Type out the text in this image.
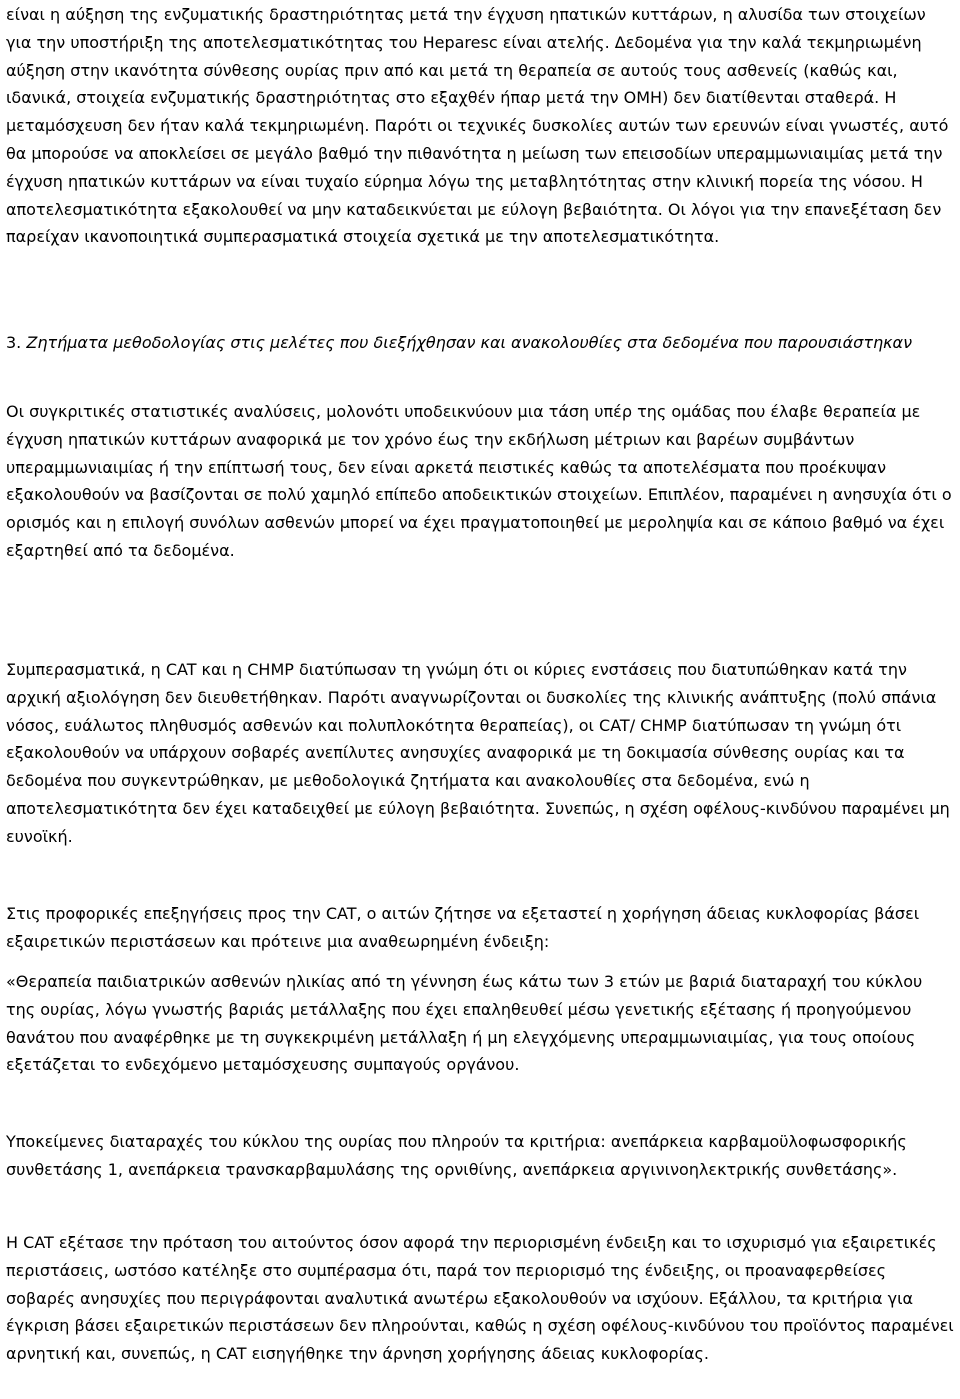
είναι η αύξηση της ενζυματικής δραστηριότητας μετά την έγχυση ηπατικών κυττάρων, η αλυσίδα των στοιχείων για την υποστήριξη της αποτελεσματικότητας του Heparesc είναι ατελής. Δεδομένα για την καλά τεκμηριωμένη αύξηση στην ικανότητα σύνθεσης ουρίας πριν από και μετά τη θεραπεία σε αυτούς τους ασθενείς (καθώς και, ιδανικά, στοιχεία ενζυματικής δραστηριότητας στο εξαχθέν ήπαρ μετά την ΟΜΗ) δεν διατίθενται σταθερά. Η μεταμόσχευση δεν ήταν καλά τεκμηριωμένη. Παρότι οι τεχνικές δυσκολίες αυτών των ερευνών είναι γνωστές, αυτό θα μπορούσε να αποκλείσει σε μεγάλο βαθμό την πιθανότητα η μείωση των επεισοδίων υπεραμμωνιαιμίας μετά την έγχυση ηπατικών κυττάρων να είναι τυχαίο εύρημα λόγω της μεταβλητότητας στην κλινική πορεία της νόσου. Η αποτελεσματικότητα εξακολουθεί να μην καταδεικνύεται με εύλογη βεβαιότητα. Οι λόγοι για την επανεξέταση δεν παρείχαν ικανοποιητικά συμπερασματικά στοιχεία σχετικά με την αποτελεσματικότητα.

3. Ζητήματα μεθοδολογίας στις μελέτες που διεξήχθησαν και ανακολουθίες στα δεδομένα που παρουσιάστηκαν

Οι συγκριτικές στατιστικές αναλύσεις, μολονότι υποδεικνύουν μια τάση υπέρ της ομάδας που έλαβε θεραπεία με έγχυση ηπατικών κυττάρων αναφορικά με τον χρόνο έως την εκδήλωση μέτριων και βαρέων συμβάντων υπεραμμωνιαιμίας ή την επίπτωσή τους, δεν είναι αρκετά πειστικές καθώς τα αποτελέσματα που προέκυψαν εξακολουθούν να βασίζονται σε πολύ χαμηλό επίπεδο αποδεικτικών στοιχείων. Επιπλέον, παραμένει η ανησυχία ότι ο ορισμός και η επιλογή συνόλων ασθενών μπορεί να έχει πραγματοποιηθεί με μεροληψία και σε κάποιο βαθμό να έχει εξαρτηθεί από τα δεδομένα.

Συμπερασματικά, η CAT και η CHMP διατύπωσαν τη γνώμη ότι οι κύριες ενστάσεις που διατυπώθηκαν κατά την αρχική αξιολόγηση δεν διευθετήθηκαν. Παρότι αναγνωρίζονται οι δυσκολίες της κλινικής ανάπτυξης (πολύ σπάνια νόσος, ευάλωτος πληθυσμός ασθενών και πολυπλοκότητα θεραπείας), οι CAT/ CHMP διατύπωσαν τη γνώμη ότι εξακολουθούν να υπάρχουν σοβαρές ανεπίλυτες ανησυχίες αναφορικά με τη δοκιμασία σύνθεσης ουρίας και τα δεδομένα που συγκεντρώθηκαν, με μεθοδολογικά ζητήματα και ανακολουθίες στα δεδομένα, ενώ η αποτελεσματικότητα δεν έχει καταδειχθεί με εύλογη βεβαιότητα. Συνεπώς, η σχέση οφέλους-κινδύνου παραμένει μη ευνοϊκή.

Στις προφορικές επεξηγήσεις προς την CAT, ο αιτών ζήτησε να εξεταστεί η χορήγηση άδειας κυκλοφορίας βάσει εξαιρετικών περιστάσεων και πρότεινε μια αναθεωρημένη ένδειξη:

«Θεραπεία παιδιατρικών ασθενών ηλικίας από τη γέννηση έως κάτω των 3 ετών με βαριά διαταραχή του κύκλου της ουρίας, λόγω γνωστής βαριάς μετάλλαξης που έχει επαληθευθεί μέσω γενετικής εξέτασης ή προηγούμενου θανάτου που αναφέρθηκε με τη συγκεκριμένη μετάλλαξη ή μη ελεγχόμενης υπεραμμωνιαιμίας, για τους οποίους εξετάζεται το ενδεχόμενο μεταμόσχευσης συμπαγούς οργάνου.

Υποκείμενες διαταραχές του κύκλου της ουρίας που πληρούν τα κριτήρια: ανεπάρκεια καρβαμοϋλοφωσφορικής συνθετάσης 1, ανεπάρκεια τρανσκαρβαμυλάσης της ορνιθίνης, ανεπάρκεια αργινινοηλεκτρικής συνθετάσης».

Η CAT εξέτασε την πρόταση του αιτούντος όσον αφορά την περιορισμένη ένδειξη και το ισχυρισμό για εξαιρετικές περιστάσεις, ωστόσο κατέληξε στο συμπέρασμα ότι, παρά τον περιορισμό της ένδειξης, οι προαναφερθείσες σοβαρές ανησυχίες που περιγράφονται αναλυτικά ανωτέρω εξακολουθούν να ισχύουν. Εξάλλου, τα κριτήρια για έγκριση βάσει εξαιρετικών περιστάσεων δεν πληρούνται, καθώς η σχέση οφέλους-κινδύνου του προϊόντος παραμένει αρνητική και, συνεπώς, η CAT εισηγήθηκε την άρνηση χορήγησης άδειας κυκλοφορίας.
